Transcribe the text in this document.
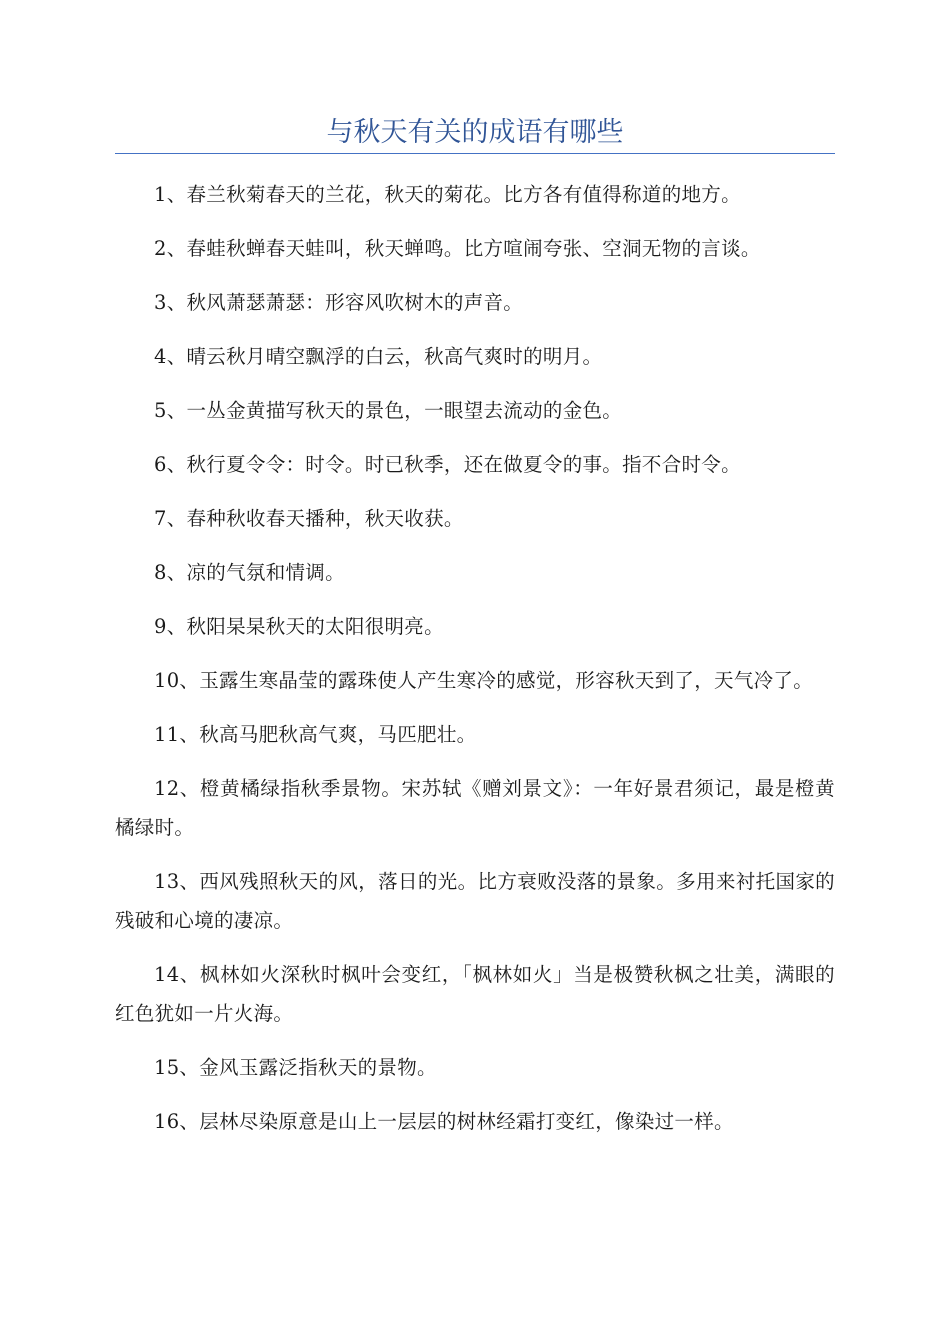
与秋天有关的成语有哪些

1、春兰秋菊春天的兰花，秋天的菊花。比方各有值得称道的地方。

2、春蛙秋蝉春天蛙叫，秋天蝉鸣。比方喧闹夸张、空洞无物的言谈。

3、秋风萧瑟萧瑟：形容风吹树木的声音。

4、晴云秋月晴空飘浮的白云，秋高气爽时的明月。

5、一丛金黄描写秋天的景色，一眼望去流动的金色。

6、秋行夏令令：时令。时已秋季，还在做夏令的事。指不合时令。

7、春种秋收春天播种，秋天收获。

8、凉的气氛和情调。

9、秋阳杲杲秋天的太阳很明亮。

10、玉露生寒晶莹的露珠使人产生寒冷的感觉，形容秋天到了，天气冷了。

11、秋高马肥秋高气爽，马匹肥壮。

12、橙黄橘绿指秋季景物。宋苏轼《赠刘景文》：一年好景君须记，最是橙黄橘绿时。

13、西风残照秋天的风，落日的光。比方衰败没落的景象。多用来衬托国家的残破和心境的凄凉。

14、枫林如火深秋时枫叶会变红，「枫林如火」当是极赞秋枫之壮美，满眼的红色犹如一片火海。

15、金风玉露泛指秋天的景物。

16、层林尽染原意是山上一层层的树林经霜打变红，像染过一样。
